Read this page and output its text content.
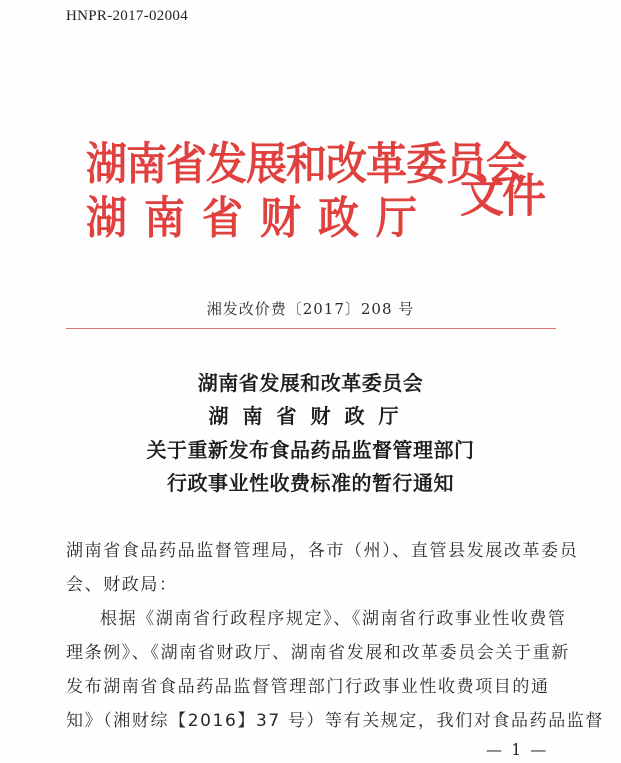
HNPR-2017-02004
湖南省发展和改革委员会
湖南省财政厅 文件
湘发改价费〔2017〕208 号
湖南省发展和改革委员会
湖南省财政厅
关于重新发布食品药品监督管理部门
行政事业性收费标准的暂行通知
湖南省食品药品监督管理局，各市（州）、直管县发展改革委员
会、财政局：
根据《湖南省行政程序规定》、《湖南省行政事业性收费管
理条例》、《湖南省财政厅、湖南省发展和改革委员会关于重新
发布湖南省食品药品监督管理部门行政事业性收费项目的通
知》（湘财综【2016】37 号）等有关规定，我们对食品药品监督
— 1 —
